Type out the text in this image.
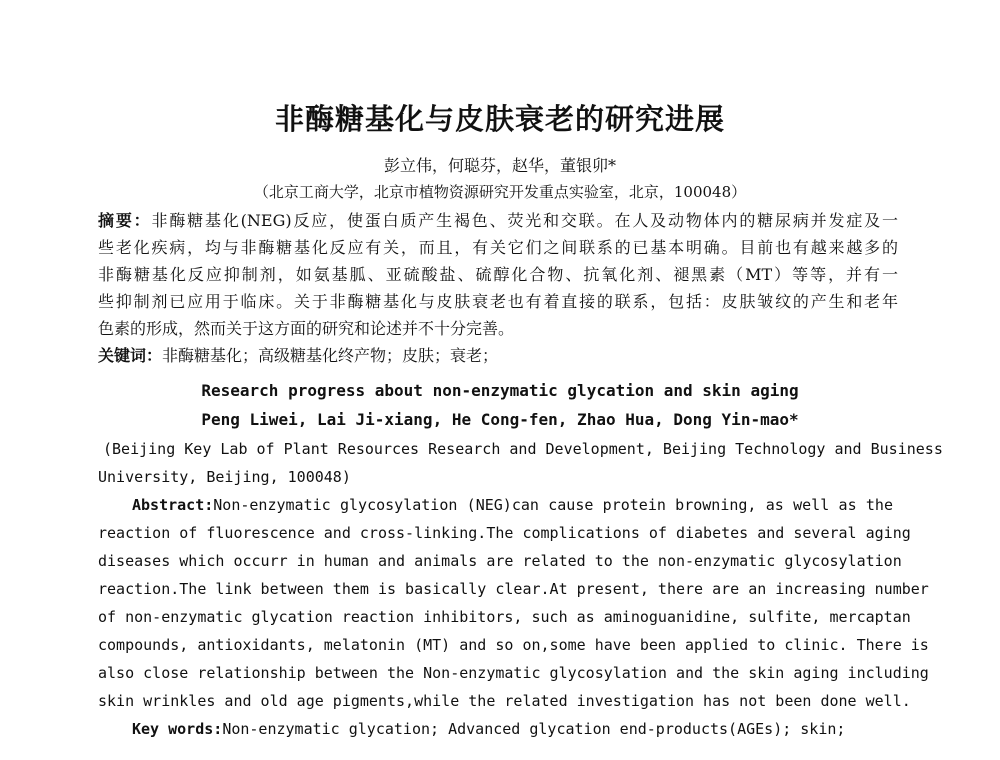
非酶糖基化与皮肤衰老的研究进展
彭立伟，何聪芬，赵华，董银卯*
（北京工商大学，北京市植物资源研究开发重点实验室，北京，100048）
摘要：非酶糖基化(NEG)反应，使蛋白质产生褐色、荧光和交联。在人及动物体内的糖尿病并发症及一
些老化疾病，均与非酶糖基化反应有关，而且，有关它们之间联系的已基本明确。目前也有越来越多的
非酶糖基化反应抑制剂，如氨基胍、亚硫酸盐、硫醇化合物、抗氧化剂、褪黑素（MT）等等，并有一
些抑制剂已应用于临床。关于非酶糖基化与皮肤衰老也有着直接的联系，包括：皮肤皱纹的产生和老年
色素的形成，然而关于这方面的研究和论述并不十分完善。
关键词：非酶糖基化；高级糖基化终产物；皮肤；衰老；
Research progress about non-enzymatic glycation and skin aging
Peng Liwei, Lai Ji-xiang, He Cong-fen, Zhao Hua, Dong Yin-mao*
(Beijing Key Lab of Plant Resources Research and Development, Beijing Technology and Business
University, Beijing, 100048)
Abstract:Non-enzymatic glycosylation (NEG)can cause protein browning, as well as the
reaction of fluorescence and cross-linking.The complications of diabetes and several aging
diseases which occurr in human and animals are related to the non-enzymatic glycosylation
reaction.The link between them is basically clear.At present, there are an increasing number
of non-enzymatic glycation reaction inhibitors, such as aminoguanidine, sulfite, mercaptan
compounds, antioxidants, melatonin (MT) and so on,some have been applied to clinic. There is
also close relationship between the Non-enzymatic glycosylation and the skin aging including
skin wrinkles and old age pigments,while the related investigation has not been done well.
Key words:Non-enzymatic glycation; Advanced glycation end-products(AGEs); skin;
